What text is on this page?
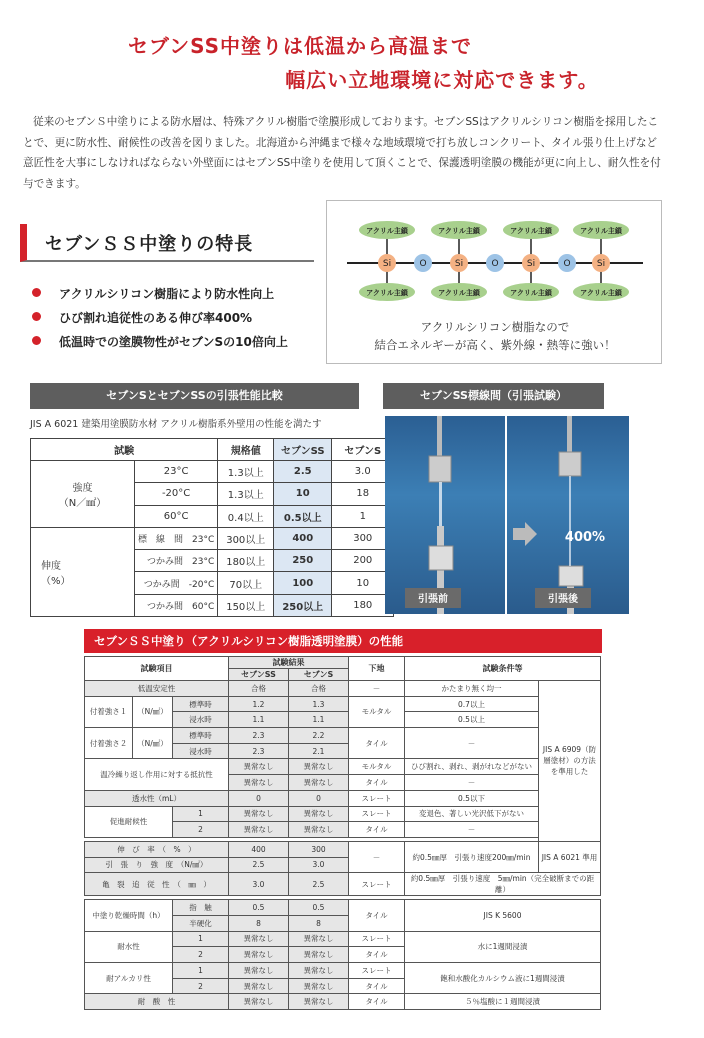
セブンSS中塗りは低温から高温まで
幅広い立地環境に対応できます。

従来のセブンＳ中塗りによる防水層は、特殊アクリル樹脂で塗膜形成しております。セブンSSはアクリルシリコン樹脂を採用したことで、更に防水性、耐候性の改善を図りました。北海道から沖縄まで様々な地域環境で打ち放しコンクリート、タイル張り仕上げなど意匠性を大事にしなければならない外壁面にはセブンSS中塗りを使用して頂くことで、保護透明塗膜の機能が更に向上し、耐久性を付与できます。

セブンＳＳ中塗りの特長
アクリルシリコン樹脂により防水性向上
ひび割れ追従性のある伸び率400%
低温時での塗膜物性がセブンSの10倍向上
アクリル主鎖	アクリル主鎖	アクリル主鎖	アクリル主鎖
アクリル主鎖	アクリル主鎖	アクリル主鎖	アクリル主鎖
Si	Si	Si	Si
O	O	O
アクリルシリコン樹脂なので
結合エネルギーが高く、紫外線・熱等に強い！
セブンSとセブンSSの引張性能比較
JIS A 6021 建築用塗膜防水材 アクリル樹脂系外壁用の性能を満たす
試験		規格値	セブンSS	セブンS
強度
（N／㎟）	23°C	1.3以上	2.5	3.0
	-20°C	1.3以上	10	18
	60°C	0.4以上	0.5以上	1
伸度
（%）	標　線　間　23°C	300以上	400	300
	つかみ間　23°C	180以上	250	200
	つかみ間　-20°C	70以上	100	10
	つかみ間　60°C	150以上	250以上	180
セブンSS標線間（引張試験）
400%
引張前	引張後
セブンＳＳ中塗り（アクリルシリコン樹脂透明塗膜）の性能
試験項目			試験結果		下地	試験条件等	
			セブンSS	セブンS			
低温安定性			合格	合格	－	かたまり無く均一	JIS A 6909（防層塗材）の方法を準用した
付着強さ１	（N/㎟）	標準時	1.2	1.3	モルタル	0.7以上	
		浸水時	1.1	1.1		0.5以上	
付着強さ２	（N/㎟）	標準時	2.3	2.2	タイル	－	
		浸水時	2.3	2.1			
温冷繰り返し作用に対する抵抗性			異常なし	異常なし	モルタル	ひび割れ、剥れ、剥がれなどがない	
			異常なし	異常なし	タイル	－	
透水性（mL）			0	0	スレート	0.5以下	
促進耐候性		1	異常なし	異常なし	スレート	変退色、著しい光沢低下がない	
		2	異常なし	異常なし	タイル	－	

伸　び　率　（　%　）			400	300	－	約0.5㎜厚　引張り速度200㎜/min	JIS A 6021 準用
引　張　り　強　度　（N/㎟）			2.5	3.0			
亀　裂　追　従　性　（　㎜　）			3.0	2.5	スレート	約0.5㎜厚　引張り速度　5㎜/min（完全破断までの距離）	

中塗り乾燥時間（h）		指　触	0.5	0.5	タイル	JIS K 5600	
		半硬化	8	8			
耐水性		1	異常なし	異常なし	スレート	水に1週間浸漬	
		2	異常なし	異常なし	タイル		
耐アルカリ性		1	異常なし	異常なし	スレート	飽和水酸化カルシウム液に1週間浸漬	
		2	異常なし	異常なし	タイル		
耐　酸　性			異常なし	異常なし	タイル	５％塩酸に１週間浸漬	
